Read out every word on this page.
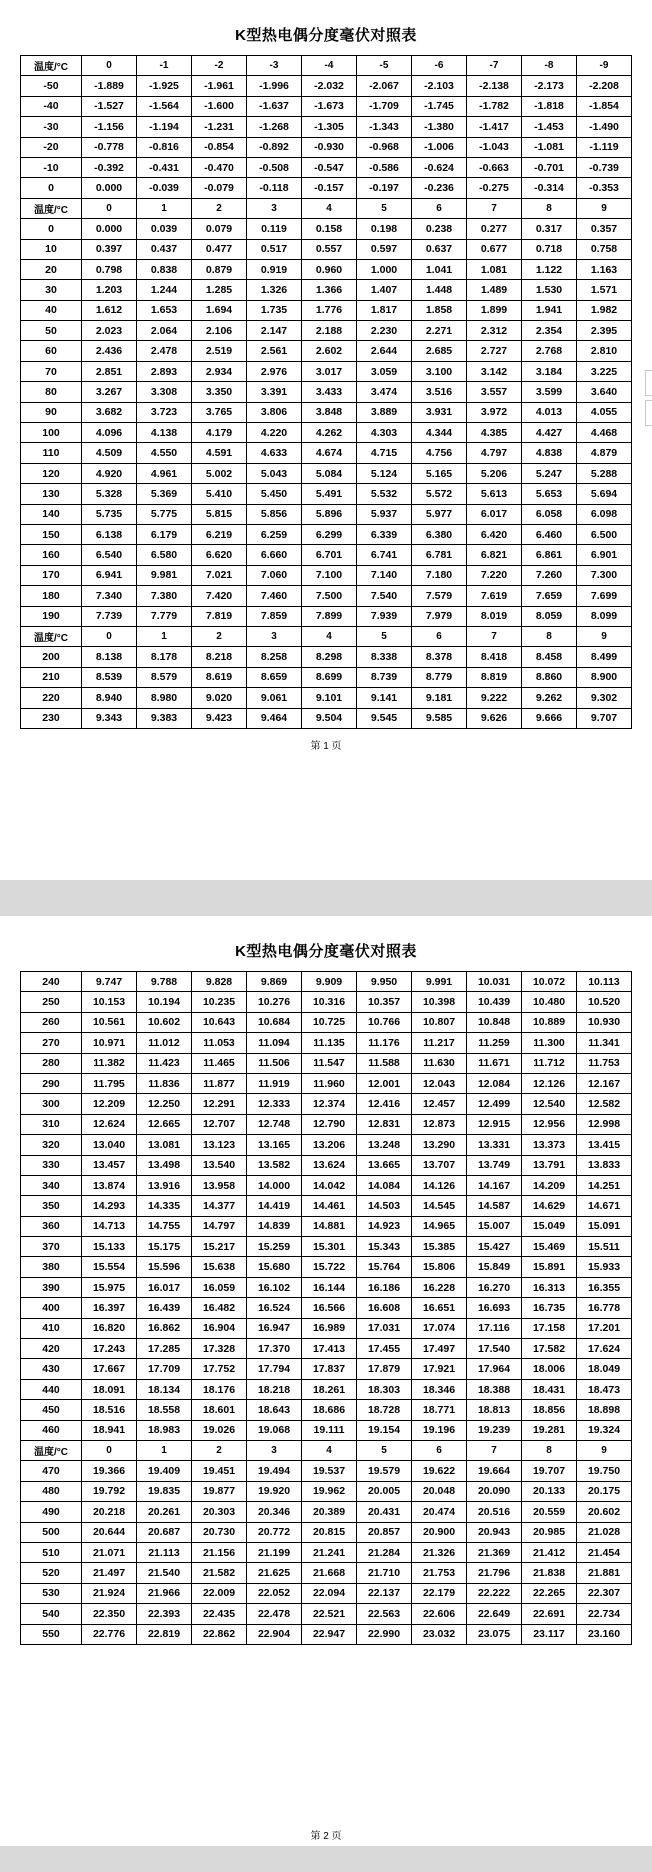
K型热电偶分度毫伏对照表
温度/°C	0	-1	-2	-3	-4	-5	-6	-7	-8	-9
-50	-1.889	-1.925	-1.961	-1.996	-2.032	-2.067	-2.103	-2.138	-2.173	-2.208
-40	-1.527	-1.564	-1.600	-1.637	-1.673	-1.709	-1.745	-1.782	-1.818	-1.854
-30	-1.156	-1.194	-1.231	-1.268	-1.305	-1.343	-1.380	-1.417	-1.453	-1.490
-20	-0.778	-0.816	-0.854	-0.892	-0.930	-0.968	-1.006	-1.043	-1.081	-1.119
-10	-0.392	-0.431	-0.470	-0.508	-0.547	-0.586	-0.624	-0.663	-0.701	-0.739
0	0.000	-0.039	-0.079	-0.118	-0.157	-0.197	-0.236	-0.275	-0.314	-0.353
温度/°C	0	1	2	3	4	5	6	7	8	9
0	0.000	0.039	0.079	0.119	0.158	0.198	0.238	0.277	0.317	0.357
10	0.397	0.437	0.477	0.517	0.557	0.597	0.637	0.677	0.718	0.758
20	0.798	0.838	0.879	0.919	0.960	1.000	1.041	1.081	1.122	1.163
30	1.203	1.244	1.285	1.326	1.366	1.407	1.448	1.489	1.530	1.571
40	1.612	1.653	1.694	1.735	1.776	1.817	1.858	1.899	1.941	1.982
50	2.023	2.064	2.106	2.147	2.188	2.230	2.271	2.312	2.354	2.395
60	2.436	2.478	2.519	2.561	2.602	2.644	2.685	2.727	2.768	2.810
70	2.851	2.893	2.934	2.976	3.017	3.059	3.100	3.142	3.184	3.225
80	3.267	3.308	3.350	3.391	3.433	3.474	3.516	3.557	3.599	3.640
90	3.682	3.723	3.765	3.806	3.848	3.889	3.931	3.972	4.013	4.055
100	4.096	4.138	4.179	4.220	4.262	4.303	4.344	4.385	4.427	4.468
110	4.509	4.550	4.591	4.633	4.674	4.715	4.756	4.797	4.838	4.879
120	4.920	4.961	5.002	5.043	5.084	5.124	5.165	5.206	5.247	5.288
130	5.328	5.369	5.410	5.450	5.491	5.532	5.572	5.613	5.653	5.694
140	5.735	5.775	5.815	5.856	5.896	5.937	5.977	6.017	6.058	6.098
150	6.138	6.179	6.219	6.259	6.299	6.339	6.380	6.420	6.460	6.500
160	6.540	6.580	6.620	6.660	6.701	6.741	6.781	6.821	6.861	6.901
170	6.941	9.981	7.021	7.060	7.100	7.140	7.180	7.220	7.260	7.300
180	7.340	7.380	7.420	7.460	7.500	7.540	7.579	7.619	7.659	7.699
190	7.739	7.779	7.819	7.859	7.899	7.939	7.979	8.019	8.059	8.099
温度/°C	0	1	2	3	4	5	6	7	8	9
200	8.138	8.178	8.218	8.258	8.298	8.338	8.378	8.418	8.458	8.499
210	8.539	8.579	8.619	8.659	8.699	8.739	8.779	8.819	8.860	8.900
220	8.940	8.980	9.020	9.061	9.101	9.141	9.181	9.222	9.262	9.302
230	9.343	9.383	9.423	9.464	9.504	9.545	9.585	9.626	9.666	9.707
第 1 页
K型热电偶分度毫伏对照表
240	9.747	9.788	9.828	9.869	9.909	9.950	9.991	10.031	10.072	10.113
250	10.153	10.194	10.235	10.276	10.316	10.357	10.398	10.439	10.480	10.520
260	10.561	10.602	10.643	10.684	10.725	10.766	10.807	10.848	10.889	10.930
270	10.971	11.012	11.053	11.094	11.135	11.176	11.217	11.259	11.300	11.341
280	11.382	11.423	11.465	11.506	11.547	11.588	11.630	11.671	11.712	11.753
290	11.795	11.836	11.877	11.919	11.960	12.001	12.043	12.084	12.126	12.167
300	12.209	12.250	12.291	12.333	12.374	12.416	12.457	12.499	12.540	12.582
310	12.624	12.665	12.707	12.748	12.790	12.831	12.873	12.915	12.956	12.998
320	13.040	13.081	13.123	13.165	13.206	13.248	13.290	13.331	13.373	13.415
330	13.457	13.498	13.540	13.582	13.624	13.665	13.707	13.749	13.791	13.833
340	13.874	13.916	13.958	14.000	14.042	14.084	14.126	14.167	14.209	14.251
350	14.293	14.335	14.377	14.419	14.461	14.503	14.545	14.587	14.629	14.671
360	14.713	14.755	14.797	14.839	14.881	14.923	14.965	15.007	15.049	15.091
370	15.133	15.175	15.217	15.259	15.301	15.343	15.385	15.427	15.469	15.511
380	15.554	15.596	15.638	15.680	15.722	15.764	15.806	15.849	15.891	15.933
390	15.975	16.017	16.059	16.102	16.144	16.186	16.228	16.270	16.313	16.355
400	16.397	16.439	16.482	16.524	16.566	16.608	16.651	16.693	16.735	16.778
410	16.820	16.862	16.904	16.947	16.989	17.031	17.074	17.116	17.158	17.201
420	17.243	17.285	17.328	17.370	17.413	17.455	17.497	17.540	17.582	17.624
430	17.667	17.709	17.752	17.794	17.837	17.879	17.921	17.964	18.006	18.049
440	18.091	18.134	18.176	18.218	18.261	18.303	18.346	18.388	18.431	18.473
450	18.516	18.558	18.601	18.643	18.686	18.728	18.771	18.813	18.856	18.898
460	18.941	18.983	19.026	19.068	19.111	19.154	19.196	19.239	19.281	19.324
温度/°C	0	1	2	3	4	5	6	7	8	9
470	19.366	19.409	19.451	19.494	19.537	19.579	19.622	19.664	19.707	19.750
480	19.792	19.835	19.877	19.920	19.962	20.005	20.048	20.090	20.133	20.175
490	20.218	20.261	20.303	20.346	20.389	20.431	20.474	20.516	20.559	20.602
500	20.644	20.687	20.730	20.772	20.815	20.857	20.900	20.943	20.985	21.028
510	21.071	21.113	21.156	21.199	21.241	21.284	21.326	21.369	21.412	21.454
520	21.497	21.540	21.582	21.625	21.668	21.710	21.753	21.796	21.838	21.881
530	21.924	21.966	22.009	22.052	22.094	22.137	22.179	22.222	22.265	22.307
540	22.350	22.393	22.435	22.478	22.521	22.563	22.606	22.649	22.691	22.734
550	22.776	22.819	22.862	22.904	22.947	22.990	23.032	23.075	23.117	23.160
第 2 页
